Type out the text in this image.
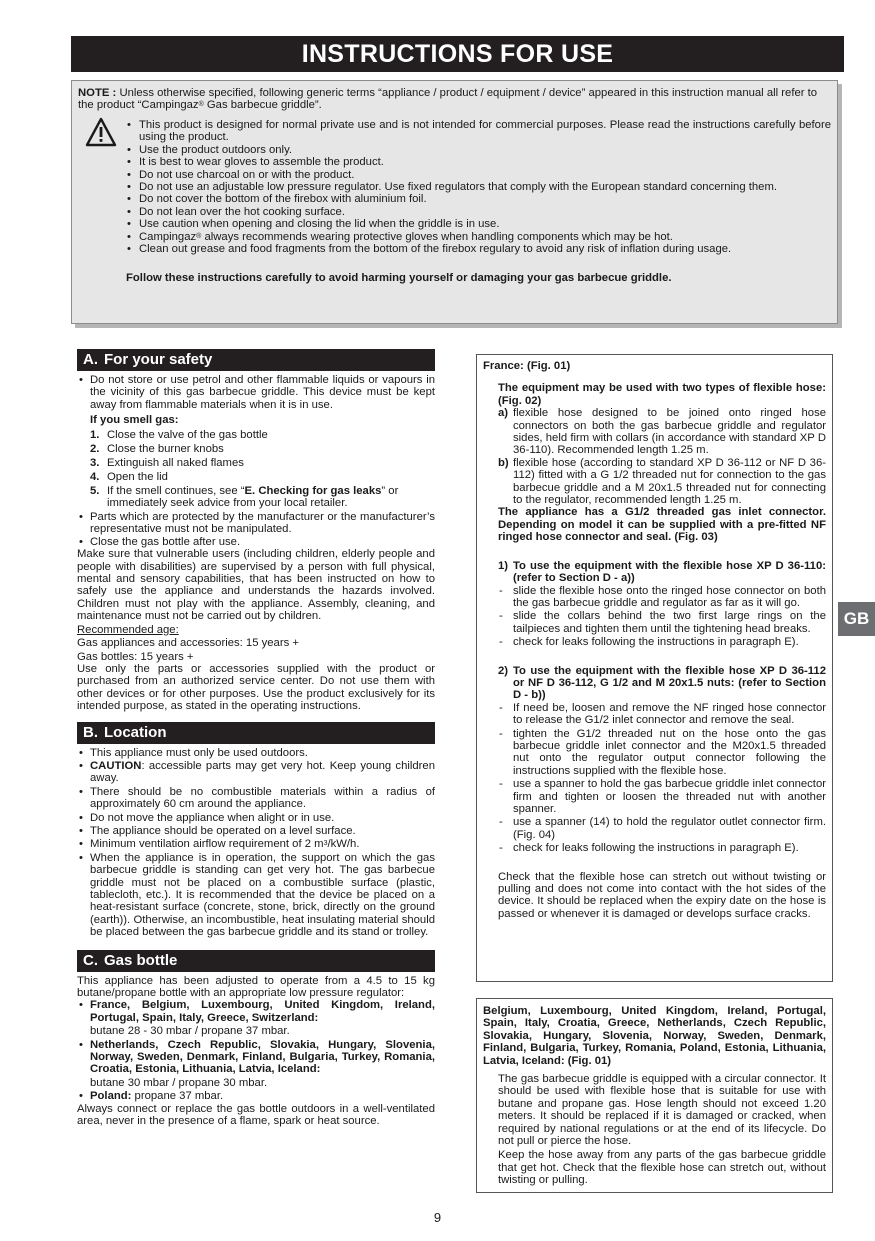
INSTRUCTIONS FOR USE

NOTE : Unless otherwise specified, following generic terms “appliance / product / equipment / device” appeared in this instruction manual all refer to the product “Campingaz® Gas barbecue griddle”.

• This product is designed for normal private use and is not intended for commercial purposes. Please read the instructions carefully before using the product.
• Use the product outdoors only.
• It is best to wear gloves to assemble the product.
• Do not use charcoal on or with the product.
• Do not use an adjustable low pressure regulator. Use fixed regulators that comply with the European standard concerning them.
• Do not cover the bottom of the firebox with aluminium foil.
• Do not lean over the hot cooking surface.
• Use caution when opening and closing the lid when the griddle is in use.
• Campingaz® always recommends wearing protective gloves when handling components which may be hot.
• Clean out grease and food fragments from the bottom of the firebox regulary to avoid any risk of inflation during usage.

Follow these instructions carefully to avoid harming yourself or damaging your gas barbecue griddle.

A. For your safety
• Do not store or use petrol and other flammable liquids or vapours in the vicinity of this gas barbecue griddle. This device must be kept away from flammable materials when it is in use.

If you smell gas:

1. Close the valve of the gas bottle
2. Close the burner knobs
3. Extinguish all naked flames
4. Open the lid
5. If the smell continues, see “E. Checking for gas leaks” or immediately seek advice from your local retailer.
• Parts which are protected by the manufacturer or the manufacturer’s representative must not be manipulated.
• Close the gas bottle after use.

Make sure that vulnerable users (including children, elderly people and people with disabilities) are supervised by a person with full physical, mental and sensory capabilities, that has been instructed on how to safely use the appliance and understands the hazards involved. Children must not play with the appliance. Assembly, cleaning, and maintenance must not be carried out by children.

Recommended age:

Gas appliances and accessories: 15 years +

Gas bottles: 15 years +

Use only the parts or accessories supplied with the product or purchased from an authorized service center. Do not use them with other devices or for other purposes. Use the product exclusively for its intended purpose, as stated in the operating instructions.

B. Location
• This appliance must only be used outdoors.
• CAUTION: accessible parts may get very hot. Keep young children away.
• There should be no combustible materials within a radius of approximately 60 cm around the appliance.
• Do not move the appliance when alight or in use.
• The appliance should be operated on a level surface.
• Minimum ventilation airflow requirement of 2 $m^3/kW/h$.
• When the appliance is in operation, the support on which the gas barbecue griddle is standing can get very hot. The gas barbecue griddle must not be placed on a combustible surface (plastic, tablecloth, etc.). It is recommended that the device be placed on a heat-resistant surface (concrete, stone, brick, directly on the ground (earth)). Otherwise, an incombustible, heat insulating material should be placed between the gas barbecue griddle and its stand or trolley.
C. Gas bottle

This appliance has been adjusted to operate from a 4.5 to 15 kg butane/propane bottle with an appropriate low pressure regulator:

• France, Belgium, Luxembourg, United Kingdom, Ireland, Portugal, Spain, Italy, Greece, Switzerland:

butane 28 - 30 mbar / propane 37 mbar.
• Netherlands, Czech Republic, Slovakia, Hungary, Slovenia, Norway, Sweden, Denmark, Finland, Bulgaria, Turkey, Romania, Croatia, Estonia, Lithuania, Latvia, Iceland:

butane 30 mbar / propane 30 mbar.
• Poland: propane 37 mbar.

Always connect or replace the gas bottle outdoors in a well-ventilated area, never in the presence of a flame, spark or heat source.

France: (Fig. 01)

The equipment may be used with two types of flexible hose: (Fig. 02)

a) flexible hose designed to be joined onto ringed hose connectors on both the gas barbecue griddle and regulator sides, held firm with collars (in accordance with standard XP D 36-110). Recommended length 1.25 m.
b) flexible hose (according to standard XP D 36-112 or NF D 36-112) fitted with a G 1/2 threaded nut for connection to the gas barbecue griddle and a M 20x1.5 threaded nut for connecting to the regulator, recommended length 1.25 m.

The appliance has a G1/2 threaded gas inlet connector. Depending on model it can be supplied with a pre-fitted NF ringed hose connector and seal. (Fig. 03)

1) To use the equipment with the flexible hose XP D 36-110: (refer to Section D - a))
- slide the flexible hose onto the ringed hose connector on both the gas barbecue griddle and regulator as far as it will go.
- slide the collars behind the two first large rings on the tailpieces and tighten them until the tightening head breaks.
- check for leaks following the instructions in paragraph E).
2) To use the equipment with the flexible hose XP D 36-112 or NF D 36-112, G 1/2 and M 20x1.5 nuts: (refer to Section D - b))
- If need be, loosen and remove the NF ringed hose connector to release the G1/2 inlet connector and remove the seal.
- tighten the G1/2 threaded nut on the hose onto the gas barbecue griddle inlet connector and the M20x1.5 threaded nut onto the regulator output connector following the instructions supplied with the flexible hose.
- use a spanner to hold the gas barbecue griddle inlet connector firm and tighten or loosen the threaded nut with another spanner.
- use a spanner (14) to hold the regulator outlet connector firm. (Fig. 04)
- check for leaks following the instructions in paragraph E).

Check that the flexible hose can stretch out without twisting or pulling and does not come into contact with the hot sides of the device. It should be replaced when the expiry date on the hose is passed or whenever it is damaged or develops surface cracks.

Belgium, Luxembourg, United Kingdom, Ireland, Portugal, Spain, Italy, Croatia, Greece, Netherlands, Czech Republic, Slovakia, Hungary, Slovenia, Norway, Sweden, Denmark, Finland, Bulgaria, Turkey, Romania, Poland, Estonia, Lithuania, Latvia, Iceland: (Fig. 01)

The gas barbecue griddle is equipped with a circular connector. It should be used with flexible hose that is suitable for use with butane and propane gas. Hose length should not exceed 1.20 meters. It should be replaced if it is damaged or cracked, when required by national regulations or at the end of its lifecycle. Do not pull or pierce the hose.

Keep the hose away from any parts of the gas barbecue griddle that get hot. Check that the flexible hose can stretch out, without twisting or pulling.

GB
9
